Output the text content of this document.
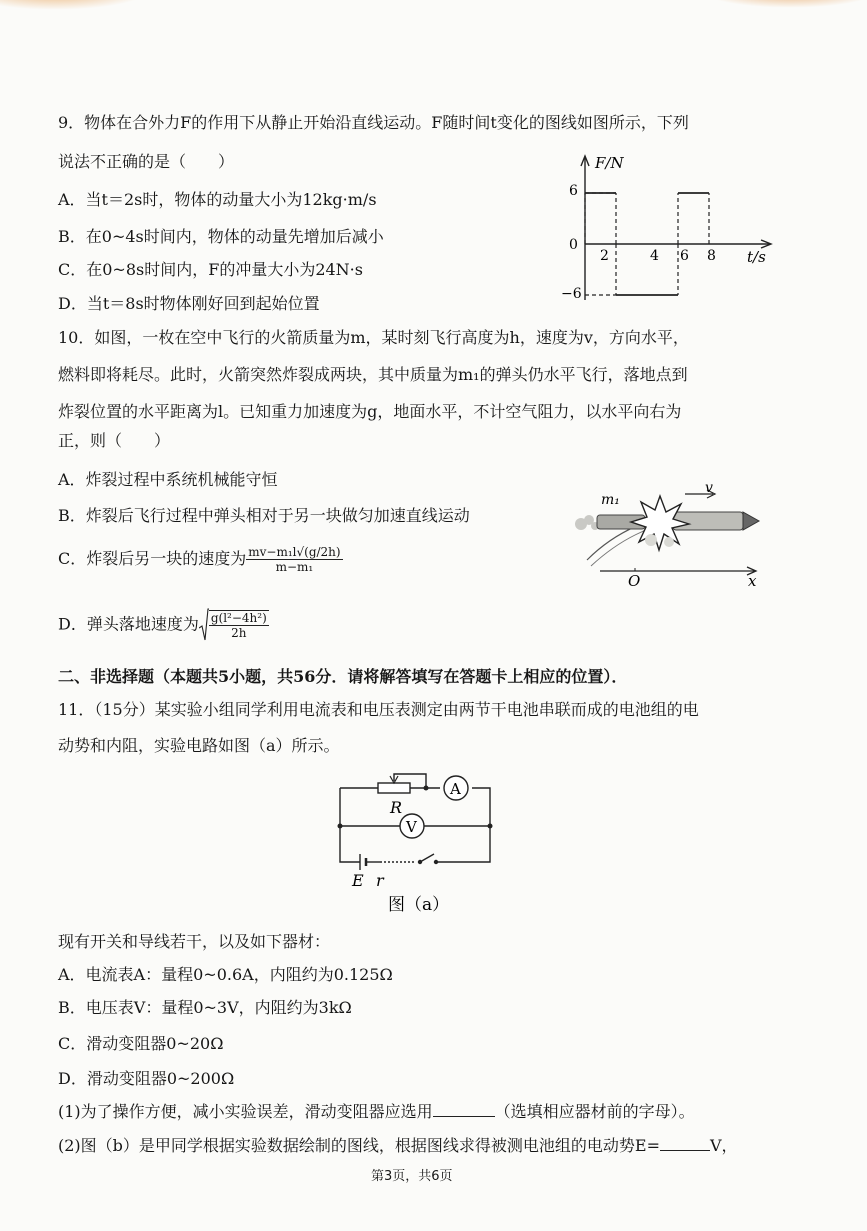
9．物体在合外力F的作用下从静止开始沿直线运动。F随时间t变化的图线如图所示，下列
说法不正确的是（　　）
A．当t＝2s时，物体的动量大小为12kg·m/s
B．在0~4s时间内，物体的动量先增加后减小
C．在0~8s时间内，F的冲量大小为24N·s
D．当t＝8s时物体刚好回到起始位置
F/N
t/s
6
0
−6
2	4 6 8
10．如图，一枚在空中飞行的火箭质量为m，某时刻飞行高度为h，速度为v，方向水平，
燃料即将耗尽。此时，火箭突然炸裂成两块，其中质量为m₁的弹头仍水平飞行，落地点到
炸裂位置的水平距离为l。已知重力加速度为g，地面水平，不计空气阻力，以水平向右为
正，则（　　）
A．炸裂过程中系统机械能守恒
B．炸裂后飞行过程中弹头相对于另一块做匀加速直线运动
C．炸裂后另一块的速度为 $\frac{\text{mv−m₁l√(g/2h)}}{\text{m−m₁}}$
D．弹头落地速度为 $\frac{\text{g(l²−4h²)}}{2h}$
m₁
v
O	x
二、非选择题（本题共5小题，共56分．请将解答填写在答题卡上相应的位置）．
11．（15分）某实验小组同学利用电流表和电压表测定由两节干电池串联而成的电池组的电
动势和内阻，实验电路如图（a）所示。
R
A
V
E r
图（a）
现有开关和导线若干，以及如下器材：
A．电流表A：量程0~0.6A，内阻约为0.125Ω
B．电压表V：量程0~3V，内阻约为3kΩ
C．滑动变阻器0~20Ω
D．滑动变阻器0~200Ω
(1)为了操作方便，减小实验误差，滑动变阻器应选用	（选填相应器材前的字母）。
(2)图（b）是甲同学根据实验数据绘制的图线，根据图线求得被测电池组的电动势E=	V，
第3页，共6页
